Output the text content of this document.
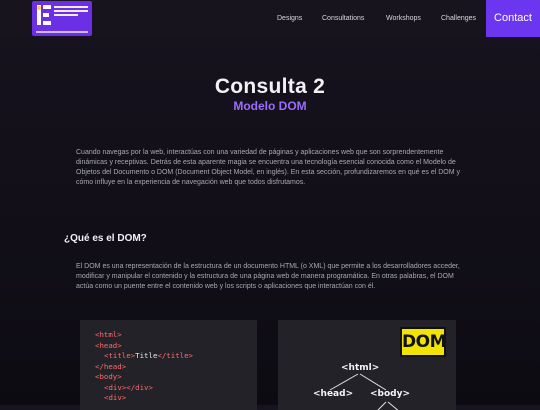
Designs	Consultations	Workshops	Challenges	Contact
Consulta 2
Modelo DOM

Cuando navegas por la web, interactúas con una variedad de páginas y aplicaciones web que son sorprendentemente dinámicas y receptivas. Detrás de esta aparente magia se encuentra una tecnología esencial conocida como el Modelo de Objetos del Documento o DOM (Document Object Model, en inglés). En esta sección, profundizaremos en qué es el DOM y cómo influye en la experiencia de navegación web que todos disfrutamos.

¿Qué es el DOM?

El DOM es una representación de la estructura de un documento HTML (o XML) que permite a los desarrolladores acceder, modificar y manipular el contenido y la estructura de una página web de manera programática. En otras palabras, el DOM actúa como un puente entre el contenido web y los scripts o aplicaciones que interactúan con él.

<html>
<head>
<title>Title</title>
</head>
<body>
<div></div>
<div>
DOM
<html>
<head> <body>
